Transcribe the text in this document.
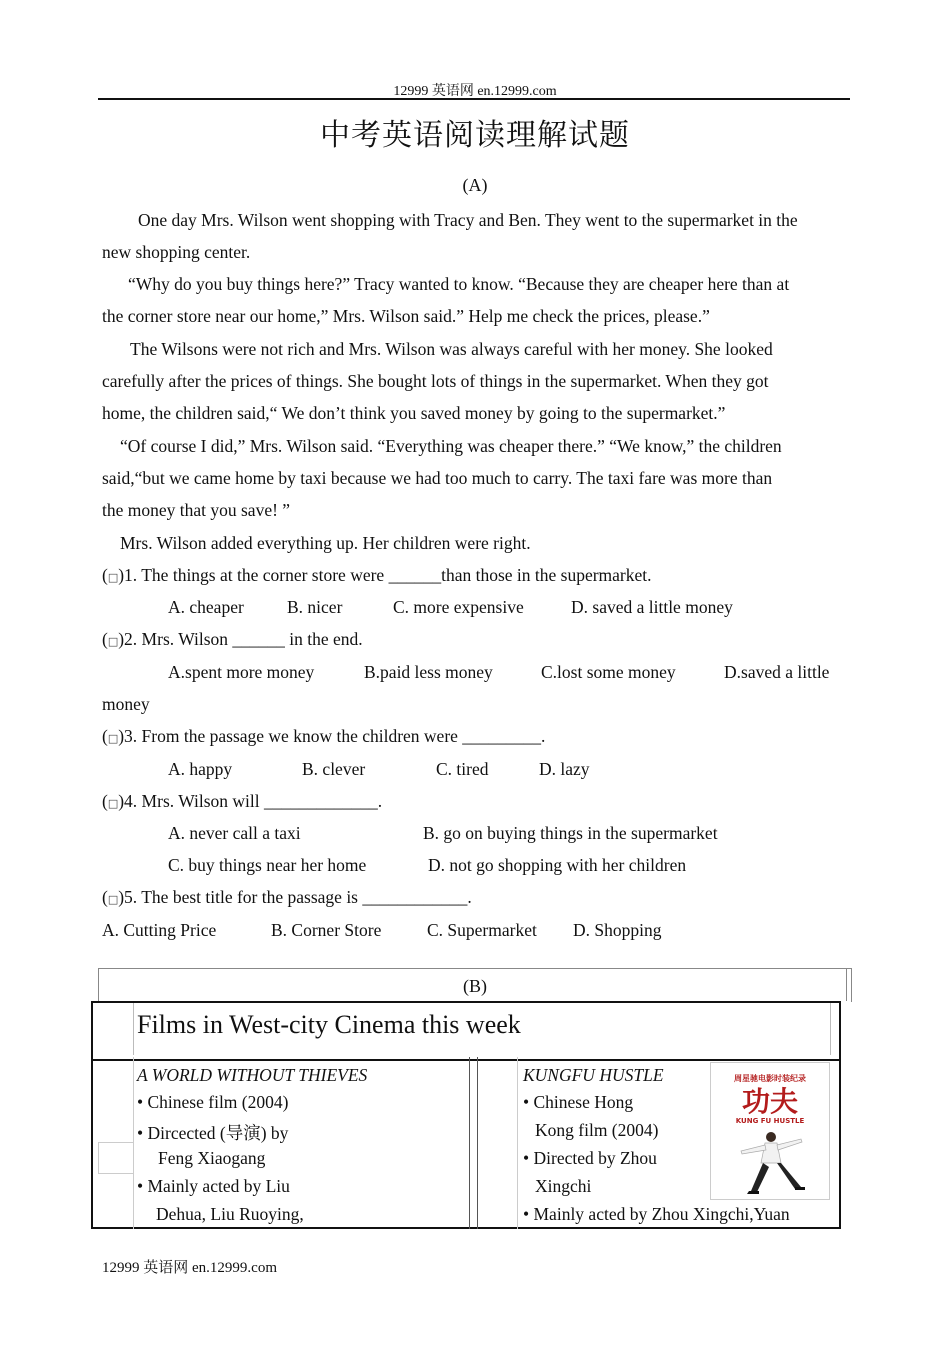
12999 英语网 en.12999.com
中考英语阅读理解试题
(A)
One day Mrs. Wilson went shopping with Tracy and Ben. They went to the supermarket in the
new shopping center.
“Why do you buy things here?” Tracy wanted to know. “Because they are cheaper here than at
the corner store near our home,” Mrs. Wilson said.” Help me check the prices, please.”
The Wilsons were not rich and Mrs. Wilson was always careful with her money. She looked
carefully after the prices of things. She bought lots of things in the supermarket. When they got
home, the children said,“ We don’t think you saved money by going to the supermarket.”
“Of course I did,” Mrs. Wilson said. “Everything was cheaper there.” “We know,” the children
said,“but we came home by taxi because we had too much to carry. The taxi fare was more than
the money that you save! ”
Mrs. Wilson added everything up. Her children were right.
(□)1. The things at the corner store were ______than those in the supermarket.
A. cheaper B. nicer	C. more expensive	D. saved a little money
(□)2. Mrs. Wilson ______ in the end.
A.spent more money	B.paid less money	C.lost some money	D.saved a little
money
(□)3. From the passage we know the children were _________.
A. happy	B. clever	C. tired	D. lazy
(□)4. Mrs. Wilson will _____________.
A. never call a taxi	B. go on buying things in the supermarket
C. buy things near her home	D. not go shopping with her children
(□)5. The best title for the passage is ____________.
A. Cutting Price	B. Corner Store	C. Supermarket D. Shopping
(B)
Films in West-city Cinema this week
A WORLD WITHOUT THIEVES
• Chinese film (2004)
• Dircected (导演) by
Feng Xiaogang
• Mainly acted by Liu
Dehua, Liu Ruoying,
KUNGFU HUSTLE
• Chinese Hong
Kong film (2004)
• Directed by Zhou
Xingchi
• Mainly acted by Zhou Xingchi,Yuan
周星驰电影时装纪录
功夫
KUNG FU HUSTLE
12999 英语网 en.12999.com
